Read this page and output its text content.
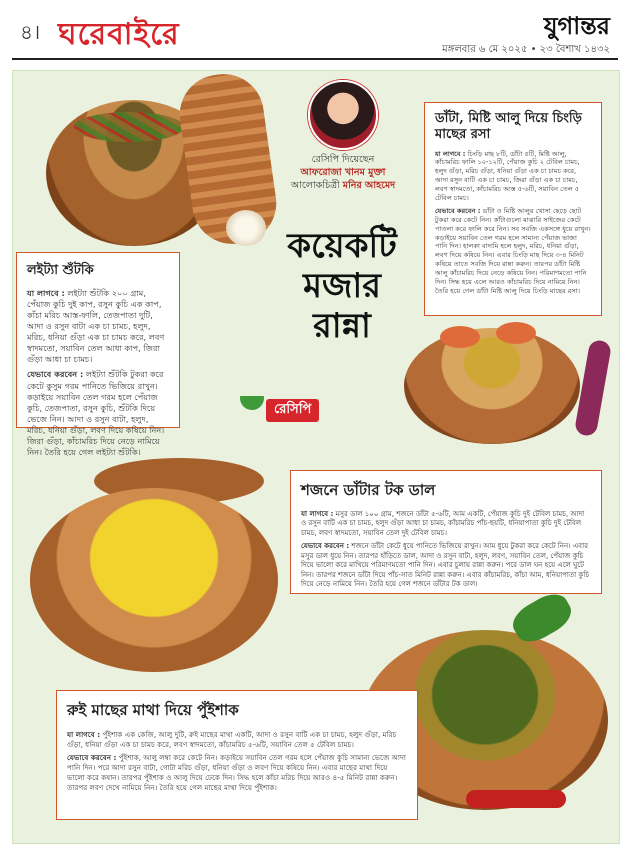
৪। ঘরেবাইরে	যুগান্তর
মঙ্গলবার ৬ মে ২০২৫ • ২৩ বৈশাখ ১৪৩২
রেসিপি দিয়েছেন
আফরোজা খানম মুক্তা
আলোকচিত্রী মনির আহমেদ
কয়েকটি
মজার
রান্না
রেসিপি
লইট্যা শুঁটকি

যা লাগবে : লইট্যা শুঁটকি ২০০ গ্রাম, পেঁয়াজ কুচি দুই কাপ, রসুন কুচি এক কাপ, কাঁচা মরিচ আস্ত-ফালি, তেজপাতা দুটি, আদা ও রসুন বাটা এক চা চামচ, হলুদ, মরিচ, ধনিয়া গুঁড়া এক চা চামচ করে, লবণ স্বাদমতো, সয়াবিন তেল আধা কাপ, জিরা গুঁড়া আধা চা চামচ।

যেভাবে করবেন : লইট্যা শুঁটকি টুকরা করে কেটে কুসুম গরম পানিতে ভিজিয়ে রাখুন। কড়াইয়ে সয়াবিন তেল গরম হলে পেঁয়াজ কুচি, তেজপাতা, রসুন কুচি, শুঁটকি দিয়ে ভেজে নিন। আদা ও রসুন বাটা, হলুদ, মরিচ, ধনিয়া গুঁড়া, লবণ দিয়ে কষিয়ে নিন। জিরা গুঁড়া, কাঁচামরিচ দিয়ে নেড়ে নামিয়ে নিন। তৈরি হয়ে গেল লইট্যা শুঁটকি।

ডাঁটা, মিষ্টি আলু দিয়ে চিংড়ি মাছের রসা

যা লাগবে : চিংড়ি মাছ ৮টি, ডাঁটা ৫টি, মিষ্টি আলু, কাঁচামরিচ ফালি ১০-১২টি, পেঁয়াজ কুচি ২ টেবিল চামচ, হলুদ গুঁড়া, মরিচ গুঁড়া, ধনিয়া গুঁড়া এক চা চামচ করে, আদা রসুন বাটি এক চা চামচ, জিরা গুঁড়া এক চা চামচ, লবণ স্বাদমতো, কাঁচামরিচ আস্ত ৫-৬টি, সয়াবিন তেল ৫ টেবিল চামচ।

যেভাবে করবেন : ডাঁটা ও মিষ্টি আলুর খোসা ছেড়ে ছোট টুকরা করে কেটে নিন। কাঁটাগুলো মাঝারি সাইজের কেটে পাতলা করে ফালি করে নিন। সব সবজি একসঙ্গে ধুয়ে রাখুন। কড়াইয়ে সয়াবিন তেল গরম হলে সামান্য পেঁয়াজ ভাজা পানি দিন। হালকা বাদামি হলে হলুদ, মরিচ, ধনিয়া গুঁড়া, লবণ দিয়ে কষিয়ে নিন। এবার চিংড়ি মাছ দিয়ে ৩-৪ মিনিট কষিয়ে তাতে সবজি দিয়ে রান্না করুন। তারপর ডাঁটা মিষ্টি আলু কাঁচামরিচ দিয়ে নেড়ে কষিয়ে নিন। পরিমাণমতো পানি দিন। সিদ্ধ হয়ে এলে আরও কাঁচামরিচ দিয়ে নামিয়ে নিন। তৈরি হয়ে গেল ডাঁটা মিষ্টি আলু দিয়ে চিংড়ি মাছের রসা।

শজনে ডাঁটার টক ডাল

যা লাগবে : মসুর ডাল ১০০ গ্রাম, শজনে ডাঁটা ৫-৬টি, আম একটি, পেঁয়াজ কুচি দুই টেবিল চামচ, আদা ও রসুন বাটি এক চা চামচ, হলুদ গুঁড়া আধা চা চামচ, কাঁচামরিচ পাঁচ-ছয়টি, ধনিয়াপাতা কুচি দুই টেবিল চামচ, লবণ স্বাদমতো, সয়াবিন তেল দুই টেবিল চামচ।

যেভাবে করবেন : শজনে ডাঁটা কেটে ধুয়ে পানিতে ভিজিয়ে রাখুন। আম ধুয়ে টুকরা করে কেটে নিন। এবার মসুর ডাল ধুয়ে নিন। তারপর হাঁড়িতে ডাল, আদা ও রসুন বাটা, হলুদ, লবণ, সয়াবিন তেল, পেঁয়াজ কুচি দিয়ে ভালো করে মাখিয়ে পরিমাণমতো পানি দিন। এবার চুলায় রান্না করুন। পরে ডাল ঘন হয়ে এলে ঘুটে নিন। তারপর শজনে ডাঁটা দিয়ে পাঁচ-সাত মিনিট রান্না করুন। এবার কাঁচামরিচ, কাঁচা আম, ধনিয়াপাতা কুচি দিয়ে নেড়ে নামিয়ে নিন। তৈরি হয়ে গেল শজনে ডাঁটার টক ডাল।

রুই মাছের মাথা দিয়ে পুঁইশাক

যা লাগবে : পুঁইশাক এক কেজি, আলু দুটি, রুই মাছের মাথা একটি, আদা ও রসুন বাটি এক চা চামচ, হলুদ গুঁড়া, মরিচ গুঁড়া, ধনিয়া গুঁড়া এক চা চামচ করে, লবণ স্বাদমতো, কাঁচামরিচ ৫-৬টি, সয়াবিন তেল ৫ টেবিল চামচ।

যেভাবে করবেন : পুঁইশাক, আলু লম্বা করে কেটে নিন। কড়াইয়ে সয়াবিন তেল গরম হলে পেঁয়াজ কুচি সামান্য ভেজে আদা পানি দিন। পরে আদা রসুন বাটা, গোটা মরিচ গুঁড়া, ধনিয়া গুঁড়া ও লবণ দিয়ে কষিয়ে নিন। এবার মাছের মাথা দিয়ে ভালো করে কষান। তারপর পুঁইশাক ও আলু দিয়ে ঢেকে দিন। সিদ্ধ হলে কাঁচা মরিচ দিয়ে আরও ৪-৫ মিনিট রান্না করুন। তারপর লবণ দেখে নামিয়ে নিন। তৈরি হয়ে গেল মাছের মাথা দিয়ে পুঁইশাক।
